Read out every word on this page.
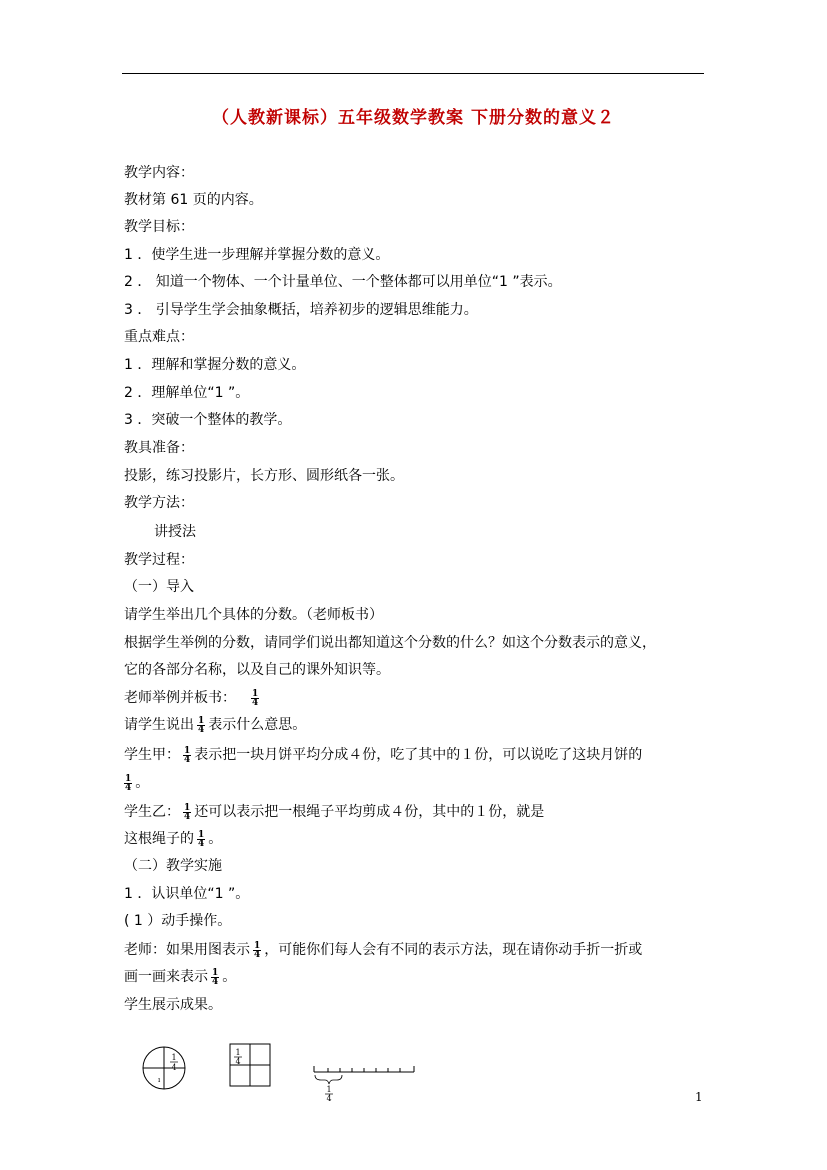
（人教新课标）五年级数学教案 下册分数的意义２
教学内容：
教材第 61 页的内容。
教学目标：
1 ．使学生进一步理解并掌握分数的意义。
2 ． 知道一个物体、一个计量单位、一个整体都可以用单位“1 ”表示。
3 ． 引导学生学会抽象概括，培养初步的逻辑思维能力。
重点难点：
1 ．理解和掌握分数的意义。
2 ．理解单位“1 ”。
3 ．突破一个整体的教学。
教具准备：
投影，练习投影片，长方形、圆形纸各一张。
教学方法：
讲授法
教学过程：
（一）导入
请学生举出几个具体的分数。（老师板书）
根据学生举例的分数，请同学们说出都知道这个分数的什么？如这个分数表示的意义，
它的各部分名称，以及自己的课外知识等。
老师举例并板书： $\frac{1}{4}$
请学生说出 $\frac{1}{4}$ 表示什么意思。
学生甲： $\frac{1}{4}$ 表示把一块月饼平均分成４份，吃了其中的１份，可以说吃了这块月饼的
$\frac{1}{4}$ 。
学生乙： $\frac{1}{4}$ 还可以表示把一根绳子平均剪成４份，其中的１份，就是
这根绳子的 $\frac{1}{4}$ 。
（二）教学实施
1 ．认识单位“1 ”。
( 1 ）动手操作。
老师：如果用图表示 $\frac{1}{4}$ ，可能你们每人会有不同的表示方法，现在请你动手折一折或
画一画来表示 $\frac{1}{4}$ 。
学生展示成果。
1
4
ı
1
4
1
4	1
